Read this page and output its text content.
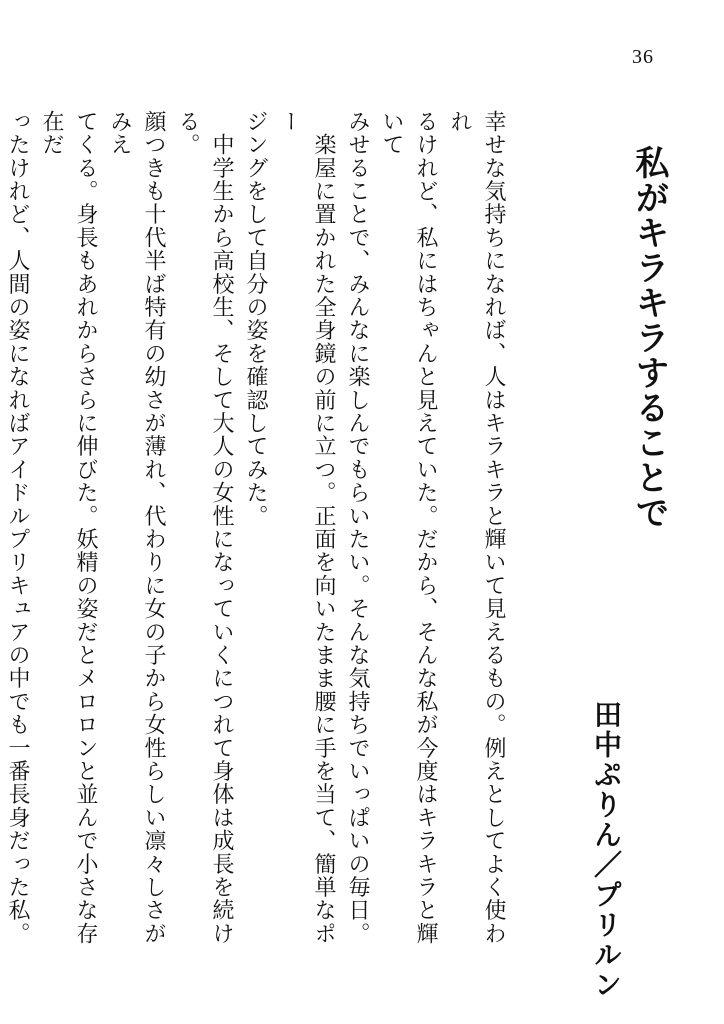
36
私がキラキラすることで
田中ぷりん／プリルン
幸せな気持ちになれば、人はキラキラと輝いて見えるもの。例えとしてよく使われ
るけれど、私にはちゃんと見えていた。だから、そんな私が今度はキラキラと輝いて
みせることで、みんなに楽しんでもらいたい。そんな気持ちでいっぱいの毎日。
　楽屋に置かれた全身鏡の前に立つ。正面を向いたまま腰に手を当て、簡単なポー
ジングをして自分の姿を確認してみた。
　中学生から高校生、そして大人の女性になっていくにつれて身体は成長を続ける。
顔つきも十代半ば特有の幼さが薄れ、代わりに女の子から女性らしい凛々しさがみえ
てくる。身長もあれからさらに伸びた。妖精の姿だとメロロンと並んで小さな存在だ
ったけれど、人間の姿になればアイドルプリキュアの中でも一番長身だった私。
